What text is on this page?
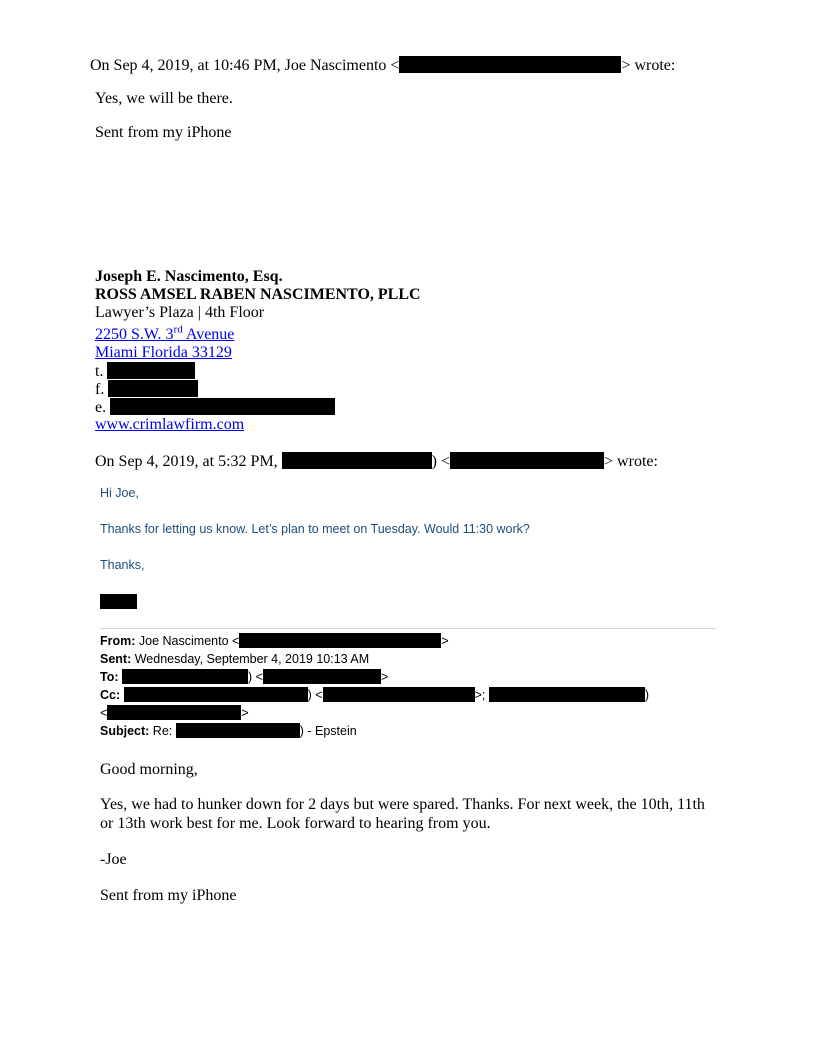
On Sep 4, 2019, at 10:46 PM, Joe Nascimento <	> wrote:
Yes, we will be there.
Sent from my iPhone
Joseph E. Nascimento, Esq.
ROSS AMSEL RABEN NASCIMENTO, PLLC
Lawyer’s Plaza | 4th Floor
2250 S.W. 3rd Avenue
Miami Florida 33129
t.
f.
e.
www.crimlawfirm.com
On Sep 4, 2019, at 5:32 PM,	) <	> wrote:
Hi Joe,
Thanks for letting us know. Let’s plan to meet on Tuesday. Would 11:30 work?
Thanks,
From: Joe Nascimento <	>
Sent: Wednesday, September 4, 2019 10:13 AM
To:	) <	>
Cc:	) <	>;	)
<	>
Subject: Re:	) - Epstein
Good morning,
Yes, we had to hunker down for 2 days but were spared. Thanks. For next week, the 10th, 11th
or 13th work best for me. Look forward to hearing from you.
-Joe
Sent from my iPhone
